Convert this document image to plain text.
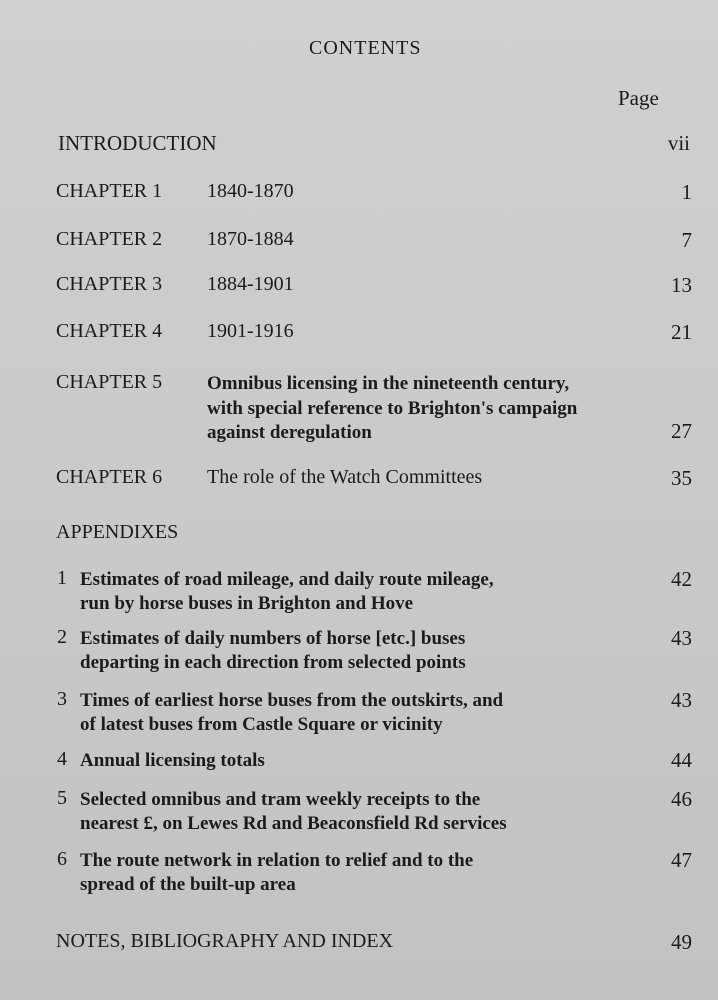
CONTENTS
Page
INTRODUCTION	vii
CHAPTER 1 1840-1870	1
CHAPTER 2 1870-1884	7
CHAPTER 3 1884-1901	13
CHAPTER 4 1901-1916	21
CHAPTER 5 Omnibus licensing in the nineteenth century,
with special reference to Brighton's campaign
against deregulation	27
CHAPTER 6 The role of the Watch Committees	35
APPENDIXES
1 Estimates of road mileage, and daily route mileage,
run by horse buses in Brighton and Hove
42
2 Estimates of daily numbers of horse [etc.] buses
departing in each direction from selected points
43
3 Times of earliest horse buses from the outskirts, and
of latest buses from Castle Square or vicinity
43
4 Annual licensing totals	44
5 Selected omnibus and tram weekly receipts to the
nearest £, on Lewes Rd and Beaconsfield Rd services
46
6 The route network in relation to relief and to the
spread of the built-up area
47
NOTES, BIBLIOGRAPHY AND INDEX	49
